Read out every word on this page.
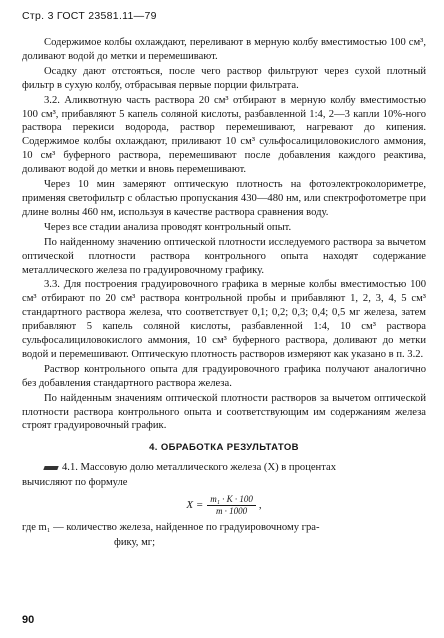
Стр. 3 ГОСТ 23581.11—79

Содержимое колбы охлаждают, переливают в мерную колбу вместимостью 100 см³, доливают водой до метки и перемешивают.

Осадку дают отстояться, после чего раствор фильтруют через сухой плотный фильтр в сухую колбу, отбрасывая первые порции фильтрата.

3.2. Аликвотную часть раствора 20 см³ отбирают в мерную колбу вместимостью 100 см³, прибавляют 5 капель соляной кислоты, разбавленной 1:4, 2—3 капли 10%-ного раствора перекиси водорода, раствор перемешивают, нагревают до кипения. Содержимое колбы охлаждают, приливают 10 см³ сульфосалициловокислого аммония, 10 см³ буферного раствора, перемешивают после добавления каждого реактива, доливают водой до метки и вновь перемешивают.

Через 10 мин замеряют оптическую плотность на фотоэлектроколориметре, применяя светофильтр с областью пропускания 430—480 нм, или спектрофотометре при длине волны 460 нм, используя в качестве раствора сравнения воду.

Через все стадии анализа проводят контрольный опыт.

По найденному значению оптической плотности исследуемого раствора за вычетом оптической плотности раствора контрольного опыта находят содержание металлического железа по градуировочному графику.

3.3. Для построения градуировочного графика в мерные колбы вместимостью 100 см³ отбирают по 20 см³ раствора контрольной пробы и прибавляют 1, 2, 3, 4, 5 см³ стандартного раствора железа, что соответствует 0,1; 0,2; 0,3; 0,4; 0,5 мг железа, затем прибавляют 5 капель соляной кислоты, разбавленной 1:4, 10 см³ раствора сульфосалициловокислого аммония, 10 см³ буферного раствора, доливают до метки водой и перемешивают. Оптическую плотность растворов измеряют как указано в п. 3.2.

Раствор контрольного опыта для градуировочного графика получают аналогично без добавления стандартного раствора железа.

По найденным значениям оптической плотности растворов за вычетом оптической плотности раствора контрольного опыта и соответствующим им содержаниям железа строят градуировочный график.

4. ОБРАБОТКА РЕЗУЛЬТАТОВ

4.1. Массовую долю металлического железа (X) в процентах

вычисляют по формуле

$X = \frac{\text{m₁ · K · 100}}{m \cdot 1000}$ ,

где m₁ — количество железа, найденное по градуировочному гра-

фику, мг;

90
